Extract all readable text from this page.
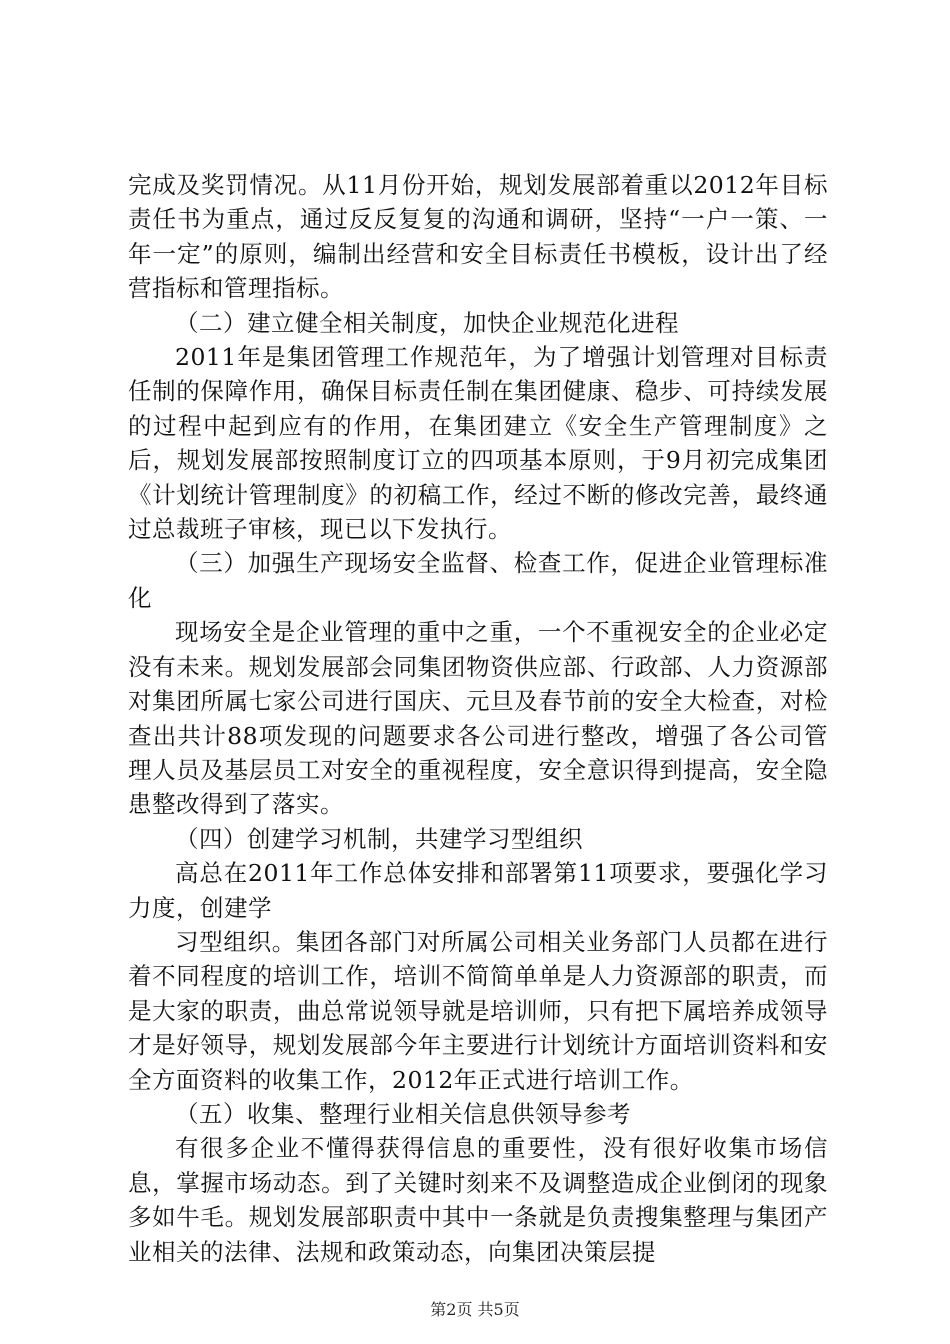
完成及奖罚情况。从11月份开始，规划发展部着重以2012年目标责任书为重点，通过反反复复的沟通和调研，坚持“一户一策、一年一定”的原则，编制出经营和安全目标责任书模板，设计出了经营指标和管理指标。

（二）建立健全相关制度，加快企业规范化进程

2011年是集团管理工作规范年，为了增强计划管理对目标责任制的保障作用，确保目标责任制在集团健康、稳步、可持续发展的过程中起到应有的作用，在集团建立《安全生产管理制度》之后，规划发展部按照制度订立的四项基本原则，于9月初完成集团《计划统计管理制度》的初稿工作，经过不断的修改完善，最终通过总裁班子审核，现已以下发执行。

（三）加强生产现场安全监督、检查工作，促进企业管理标准化

现场安全是企业管理的重中之重，一个不重视安全的企业必定没有未来。规划发展部会同集团物资供应部、行政部、人力资源部对集团所属七家公司进行国庆、元旦及春节前的安全大检查，对检查出共计88项发现的问题要求各公司进行整改，增强了各公司管理人员及基层员工对安全的重视程度，安全意识得到提高，安全隐患整改得到了落实。

（四）创建学习机制，共建学习型组织

高总在2011年工作总体安排和部署第11项要求，要强化学习力度，创建学

习型组织。集团各部门对所属公司相关业务部门人员都在进行着不同程度的培训工作，培训不简简单单是人力资源部的职责，而是大家的职责，曲总常说领导就是培训师，只有把下属培养成领导才是好领导，规划发展部今年主要进行计划统计方面培训资料和安全方面资料的收集工作，2012年正式进行培训工作。

（五）收集、整理行业相关信息供领导参考

有很多企业不懂得获得信息的重要性，没有很好收集市场信息，掌握市场动态。到了关键时刻来不及调整造成企业倒闭的现象多如牛毛。规划发展部职责中其中一条就是负责搜集整理与集团产业相关的法律、法规和政策动态，向集团决策层提

第2页 共5页
